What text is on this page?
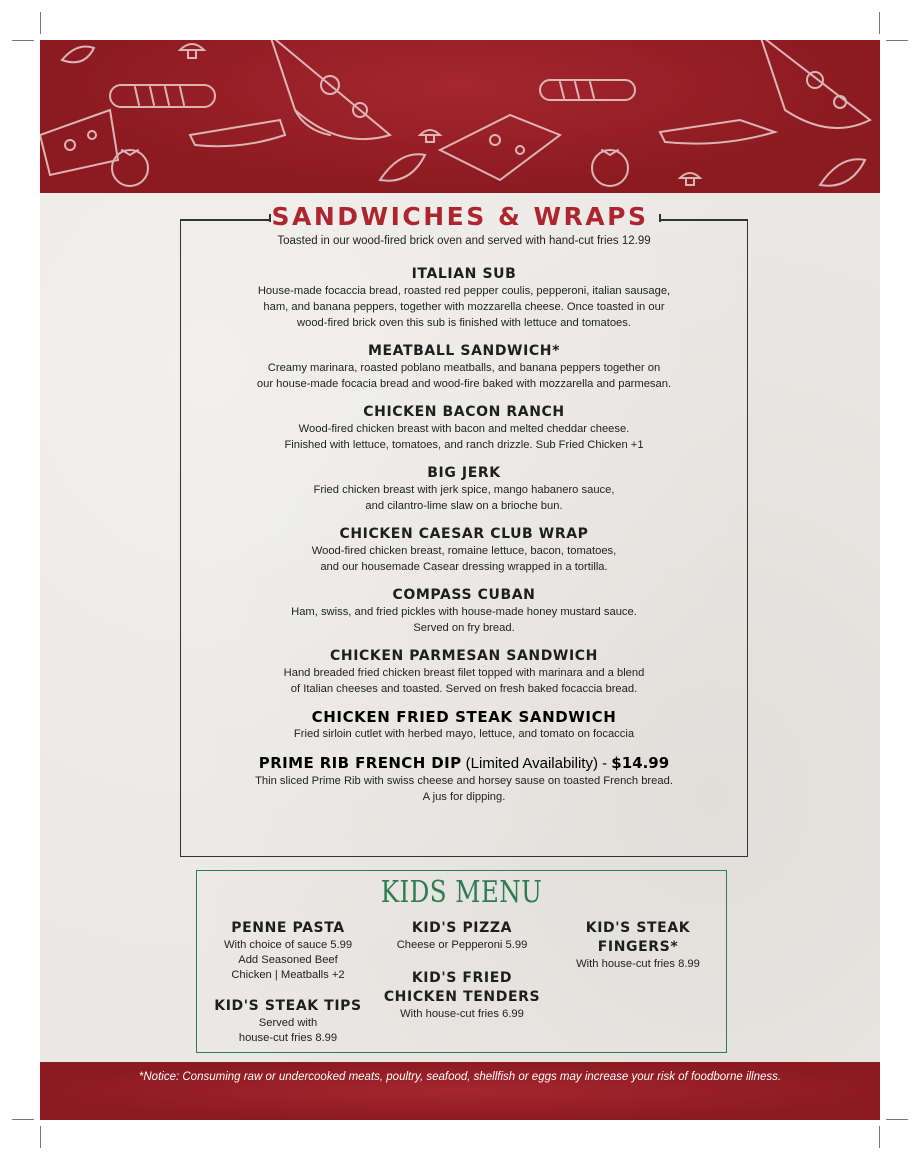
SANDWICHES & WRAPS
Toasted in our wood-fired brick oven and served with hand-cut fries 12.99
ITALIAN SUB
House-made focaccia bread, roasted red pepper coulis, pepperoni, italian sausage,
ham, and banana peppers, together with mozzarella cheese. Once toasted in our
wood-fired brick oven this sub is finished with lettuce and tomatoes.
MEATBALL SANDWICH*
Creamy marinara, roasted poblano meatballs, and banana peppers together on
our house-made focacia bread and wood-fire baked with mozzarella and parmesan.
CHICKEN BACON RANCH
Wood-fired chicken breast with bacon and melted cheddar cheese.
Finished with lettuce, tomatoes, and ranch drizzle. Sub Fried Chicken +1
BIG JERK
Fried chicken breast with jerk spice, mango habanero sauce,
and cilantro-lime slaw on a brioche bun.
CHICKEN CAESAR CLUB WRAP
Wood-fired chicken breast, romaine lettuce, bacon, tomatoes,
and our housemade Casear dressing wrapped in a tortilla.
COMPASS CUBAN
Ham, swiss, and fried pickles with house-made honey mustard sauce.
Served on fry bread.
CHICKEN PARMESAN SANDWICH
Hand breaded fried chicken breast filet topped with marinara and a blend
of Italian cheeses and toasted. Served on fresh baked focaccia bread.
CHICKEN FRIED STEAK SANDWICH
Fried sirloin cutlet with herbed mayo, lettuce, and tomato on focaccia
PRIME RIB FRENCH DIP (Limited Availability) - $14.99
Thin sliced Prime Rib with swiss cheese and horsey sause on toasted French bread.
A jus for dipping.
KIDS MENU
PENNE PASTA
With choice of sauce 5.99
Add Seasoned Beef
Chicken | Meatballs +2
KID'S STEAK TIPS
Served with
house-cut fries 8.99
KID'S PIZZA
Cheese or Pepperoni 5.99
KID'S FRIED
CHICKEN TENDERS
With house-cut fries 6.99
KID'S STEAK
FINGERS*
With house-cut fries 8.99
*Notice: Consuming raw or undercooked meats, poultry, seafood, shellfish or eggs may increase your risk of foodborne illness.
